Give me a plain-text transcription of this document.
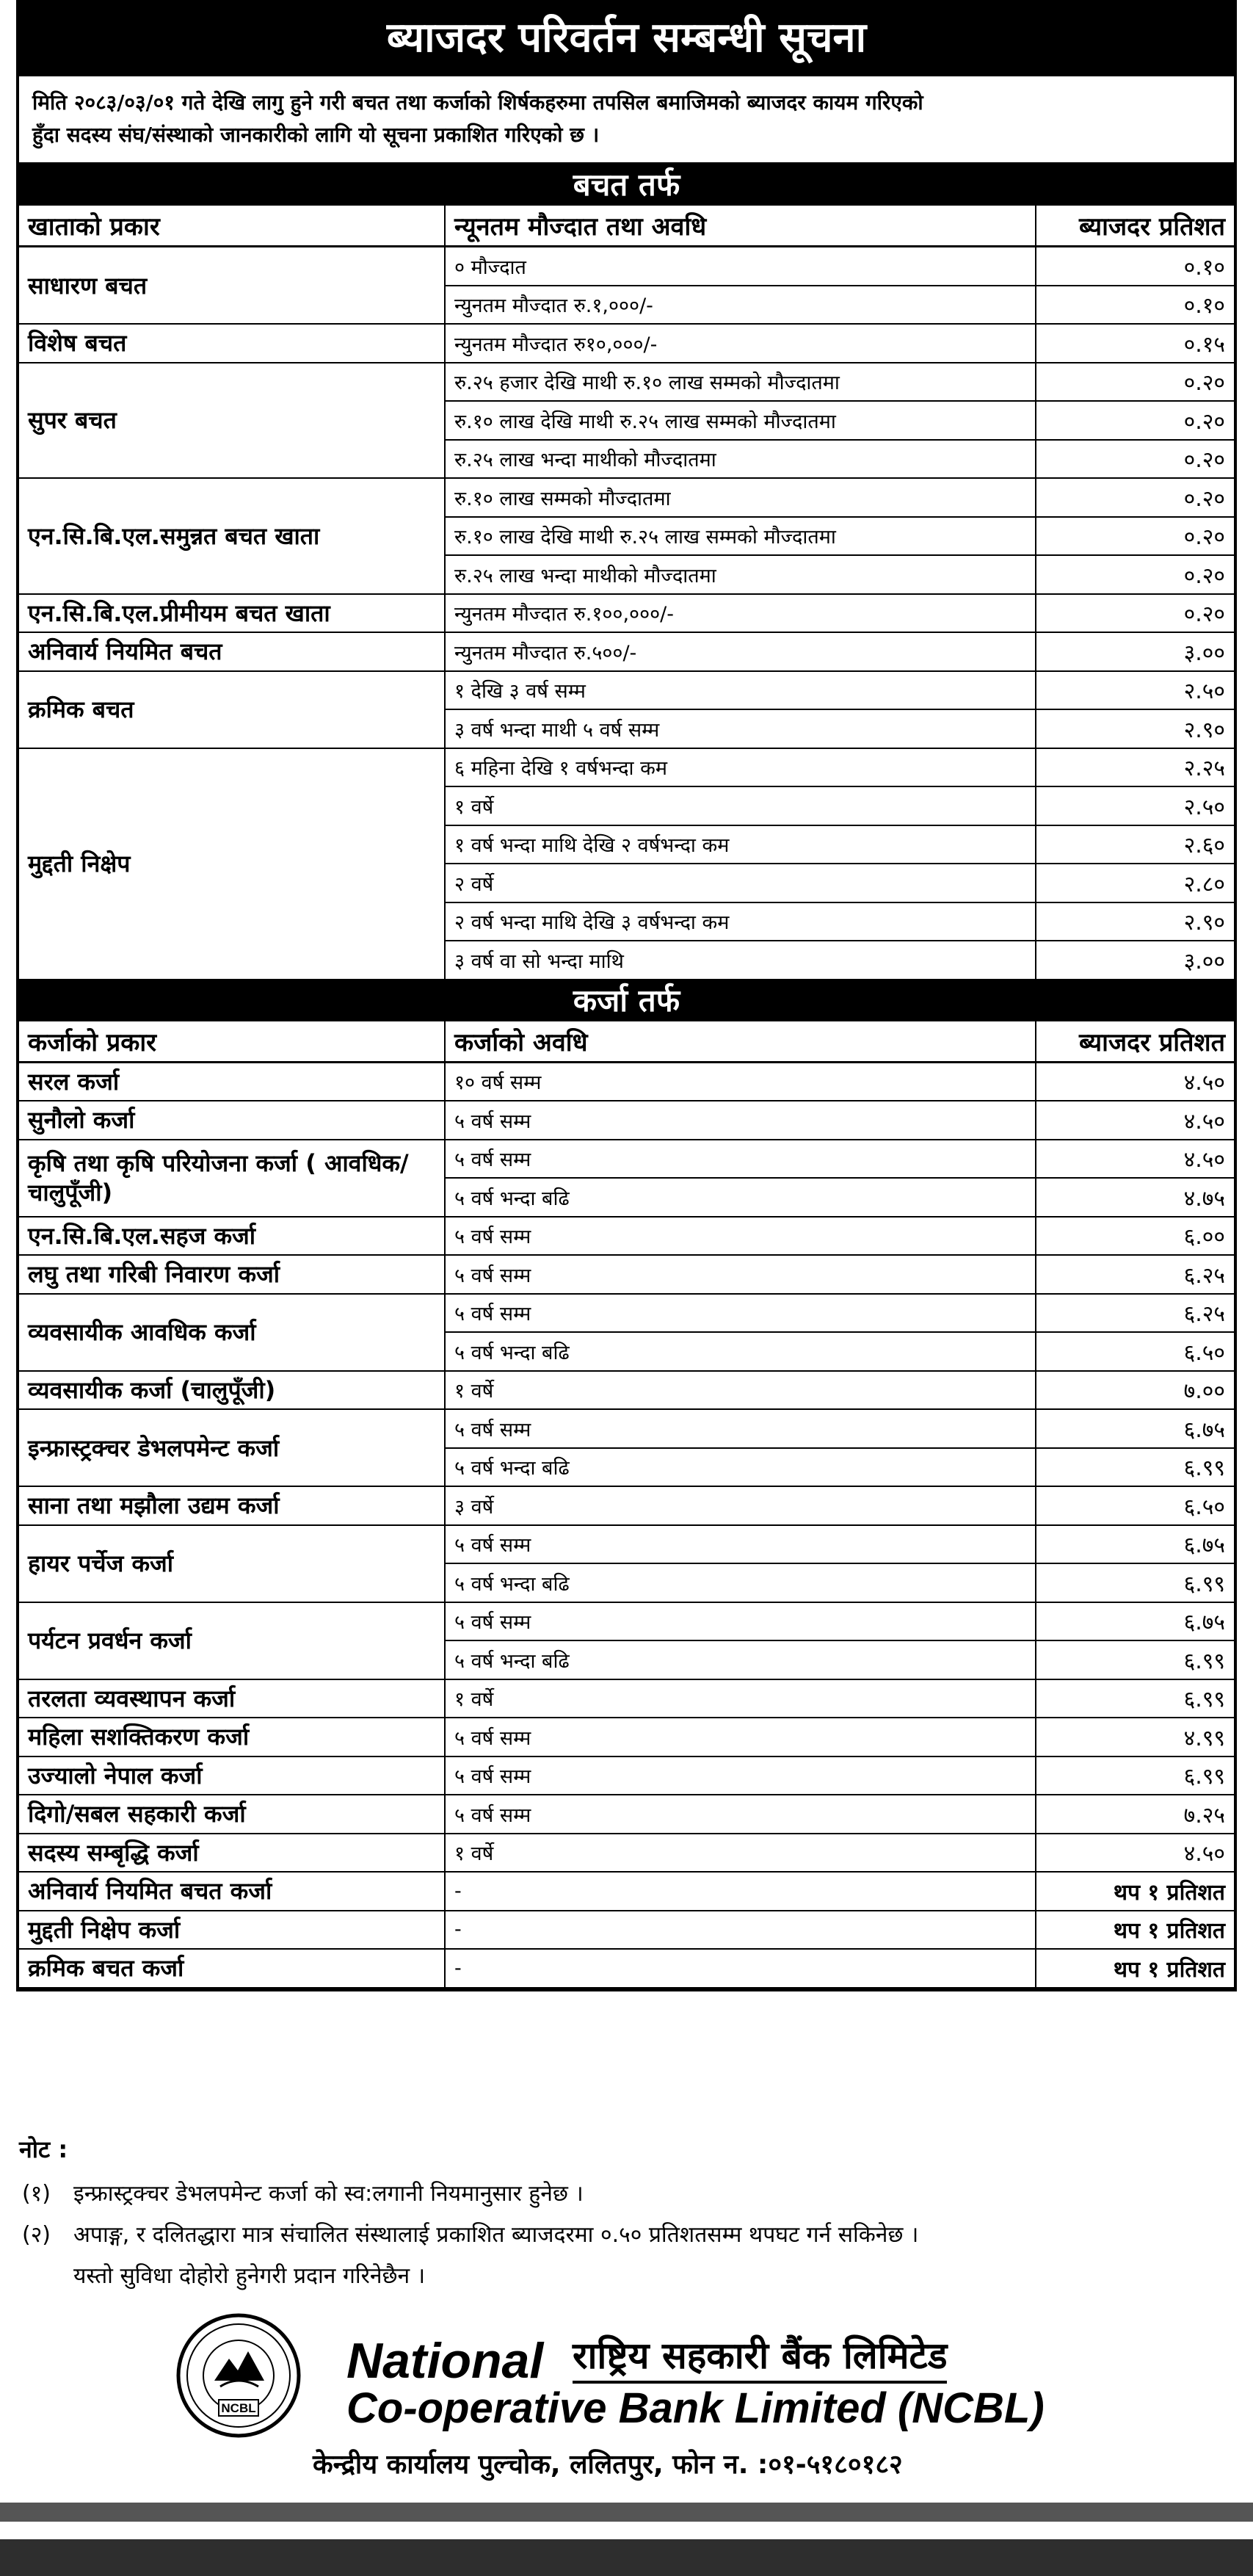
ब्याजदर परिवर्तन सम्बन्धी सूचना
मिति २०८३/०३/०१ गते देखि लागु हुने गरी बचत तथा कर्जाको शिर्षकहरुमा तपसिल बमाजिमको ब्याजदर कायम गरिएको
हुँदा सदस्य संघ/संस्थाको जानकारीको लागि यो सूचना प्रकाशित गरिएको छ ।
बचत तर्फ
खाताको प्रकार	न्यूनतम मौज्दात तथा अवधि	ब्याजदर प्रतिशत
साधारण बचत	० मौज्दात	०.१०
	न्युनतम मौज्दात रु.१,०००/-	०.१०
विशेष बचत	न्युनतम मौज्दात रु१०,०००/-	०.१५
सुपर बचत	रु.२५ हजार देखि माथी रु.१० लाख सम्मको मौज्दातमा	०.२०
	रु.१० लाख देखि माथी रु.२५ लाख सम्मको मौज्दातमा	०.२०
	रु.२५ लाख भन्दा माथीको मौज्दातमा	०.२०
एन.सि.बि.एल.समुन्नत बचत खाता	रु.१० लाख सम्मको मौज्दातमा	०.२०
	रु.१० लाख देखि माथी रु.२५ लाख सम्मको मौज्दातमा	०.२०
	रु.२५ लाख भन्दा माथीको मौज्दातमा	०.२०
एन.सि.बि.एल.प्रीमीयम बचत खाता	न्युनतम मौज्दात रु.१००,०००/-	०.२०
अनिवार्य नियमित बचत	न्युनतम मौज्दात रु.५००/-	३.००
क्रमिक बचत	१ देखि ३ वर्ष सम्म	२.५०
	३ वर्ष भन्दा माथी ५ वर्ष सम्म	२.९०
मुद्दती निक्षेप	६ महिना देखि १ वर्षभन्दा कम	२.२५
	१ वर्षे	२.५०
	१ वर्ष भन्दा माथि देखि २ वर्षभन्दा कम	२.६०
	२ वर्षे	२.८०
	२ वर्ष भन्दा माथि देखि ३ वर्षभन्दा कम	२.९०
	३ वर्ष वा सो भन्दा माथि	३.००
कर्जा तर्फ
कर्जाको प्रकार	कर्जाको अवधि	ब्याजदर प्रतिशत
सरल कर्जा	१० वर्ष सम्म	४.५०
सुनौलो कर्जा	५ वर्ष सम्म	४.५०
कृषि तथा कृषि परियोजना कर्जा ( आवधिक/चालुपूँजी)	५ वर्ष सम्म	४.५०
	५ वर्ष भन्दा बढि	४.७५
एन.सि.बि.एल.सहज कर्जा	५ वर्ष सम्म	६.००
लघु तथा गरिबी निवारण कर्जा	५ वर्ष सम्म	६.२५
व्यवसायीक आवधिक कर्जा	५ वर्ष सम्म	६.२५
	५ वर्ष भन्दा बढि	६.५०
व्यवसायीक कर्जा (चालुपूँजी)	१ वर्षे	७.००
इन्फ्रास्ट्रक्चर डेभलपमेन्ट कर्जा	५ वर्ष सम्म	६.७५
	५ वर्ष भन्दा बढि	६.९९
साना तथा मझौला उद्यम कर्जा	३ वर्षे	६.५०
हायर पर्चेज कर्जा	५ वर्ष सम्म	६.७५
	५ वर्ष भन्दा बढि	६.९९
पर्यटन प्रवर्धन कर्जा	५ वर्ष सम्म	६.७५
	५ वर्ष भन्दा बढि	६.९९
तरलता व्यवस्थापन कर्जा	१ वर्षे	६.९९
महिला सशक्तिकरण कर्जा	५ वर्ष सम्म	४.९९
उज्यालो नेपाल कर्जा	५ वर्ष सम्म	६.९९
दिगो/सबल सहकारी कर्जा	५ वर्ष सम्म	७.२५
सदस्य सम्बृद्धि कर्जा	१ वर्षे	४.५०
अनिवार्य नियमित बचत कर्जा	-	थप १ प्रतिशत
मुद्दती निक्षेप कर्जा	-	थप १ प्रतिशत
क्रमिक बचत कर्जा	-	थप १ प्रतिशत
नोट :
(१)	इन्फ्रास्ट्रक्चर डेभलपमेन्ट कर्जा को स्व:लगानी नियमानुसार हुनेछ ।
(२)	अपाङ्ग, र दलितद्धारा मात्र संचालित संस्थालाई प्रकाशित ब्याजदरमा ०.५० प्रतिशतसम्म थपघट गर्न सकिनेछ ।
यस्तो सुविधा दोहोरो हुनेगरी प्रदान गरिनेछैन ।
NCBL
National राष्ट्रिय सहकारी बैंक लिमिटेड
Co-operative Bank Limited (NCBL)
केन्द्रीय कार्यालय पुल्चोक, ललितपुर, फोन न. :०१-५१८०१८२
